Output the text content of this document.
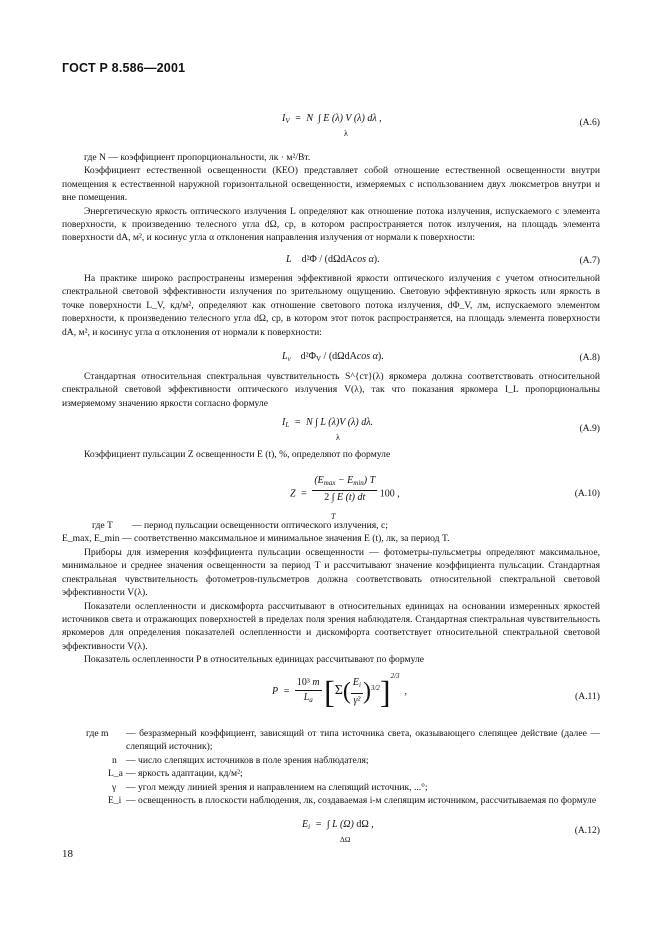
ГОСТ Р 8.586—2001
$I_V = N$  ∫ E (λ) V (λ) dλ ,
λ
(A.6)

где N — коэффициент пропорциональности, лк · м²/Вт.

Коэффициент естественной освещенности (КЕО) представляет собой отношение естественной освещенности внутри помещения к естественной наружной горизонтальной освещенности, измеряемых с использованием двух люксметров внутри и вне помещения.

Энергетическую яркость оптического излучения L определяют как отношение потока излучения, испускаемого с элемента поверхности, к произведению телесного угла dΩ, ср, в котором распространяется поток излучения, на площадь элемента поверхности dA, м², и косинус угла α отклонения направления излучения от нормали к поверхности:

L    d²Φ / (dΩdAcos α).	(A.7)

На практике широко распространены измерения эффективной яркости оптического излучения с учетом относительной спектральной световой эффективности излучения по зрительному ощущению. Световую эффективную яркость или яркость в точке поверхности L_V, кд/м², определяют как отношение светового потока излучения, dΦ_V, лм, испускаемого элементом поверхности, к произведению телесного угла dΩ, ср, в котором этот поток распространяется, на площадь элемента поверхности dA, м², и косинус угла α отклонения от нормали к поверхности:

$L_v$ $d^2\Phi_V / (d\Omega dAcos$ α).	(A.8)

Стандартная относительная спектральная чувствительность S^{ст}(λ) яркомера должна соответствовать относительной спектральной световой эффективности оптического излучения V(λ), так что показания яркомера I_L пропорциональны измеряемому значению яркости согласно формуле

$I_L = N$ ∫ L (λ)V (λ) dλ.
λ
(A.9)

Коэффициент пульсации Z освещенности E (t), %, определяют по формуле

$Z = \frac{(E_{max} - E_{min}) T}{2 \int E (t) dt} 100$ ,
T
(A.10)
где T — период пульсации освещенности оптического излучения, с;
E_max, E_min — соответственно максимальное и минимальное значения E (t), лк, за период T.

Приборы для измерения коэффициента пульсации освещенности — фотометры-пульсметры определяют максимальное, минимальное и среднее значения освещенности за период T и рассчитывают значение коэффициента пульсации. Стандартная спектральная чувствительность фотометров-пульсметров должна соответствовать относительной спектральной световой эффективности V(λ).

Показатели ослепленности и дискомфорта рассчитывают в относительных единицах на основании измеренных яркостей источников света и отражающих поверхностей в пределах поля зрения наблюдателя. Стандартная спектральная чувствительность яркомеров для определения показателей ослепленности и дискомфорта соответствует относительной спектральной световой эффективности V(λ).

Показатель ослепленности P в относительных единицах рассчитывают по формуле

$P = \frac{\text{10³ m}}{L_a} [\Sigma( \frac{E_i}{\text{γ²}} )^{3/2}]^{2/3}$  ,	(A.11)
где m — безразмерный коэффициент, зависящий от типа источника света, оказывающего слепящее действие (далее — слепящий источник);
n — число слепящих источников в поле зрения наблюдателя;
L_a — яркость адаптации, кд/м²;
γ — угол между линией зрения и направлением на слепящий источник, ...°;
E_i — освещенность в плоскости наблюдения, лк, создаваемая i-м слепящим источником, рассчитываемая по формуле
$E_i$  =  ∫ L (Ω) dΩ ,
ΔΩ
(A.12)
18
